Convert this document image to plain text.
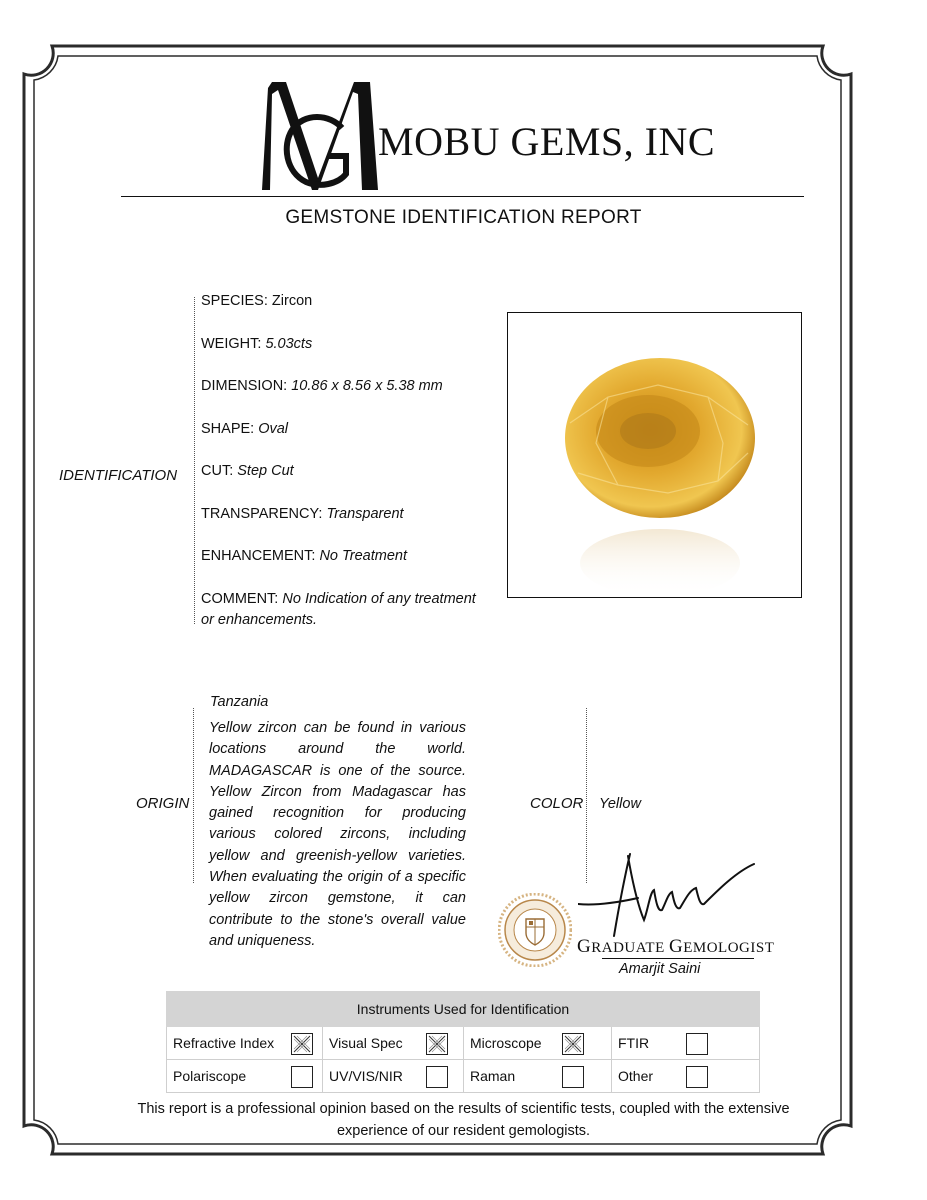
MOBU GEMS, INC
GEMSTONE IDENTIFICATION REPORT
IDENTIFICATION
SPECIES: Zircon
WEIGHT: 5.03cts
DIMENSION: 10.86 x 8.56 x 5.38 mm
SHAPE: Oval
CUT: Step Cut
TRANSPARENCY: Transparent
ENHANCEMENT: No Treatment
COMMENT: No Indication of any treatment
or enhancements.
ORIGIN
Tanzania
Yellow zircon can be found in various locations around the world. MADAGASCAR is one of the source. Yellow Zircon from Madagascar has gained recognition for producing various colored zircons, including yellow and greenish-yellow varieties. When evaluating the origin of a specific yellow zircon gemstone, it can contribute to the stone's overall value and uniqueness.
COLOR Yellow
GRADUATE GEMOLOGIST
Amarjit Saini
Instruments Used for Identification			
Refractive Index	Visual Spec	Microscope	FTIR

Polariscope	UV/VIS/NIR	Raman	Other
This report is a professional opinion based on the results of scientific tests, coupled with the extensive
experience of our resident gemologists.
